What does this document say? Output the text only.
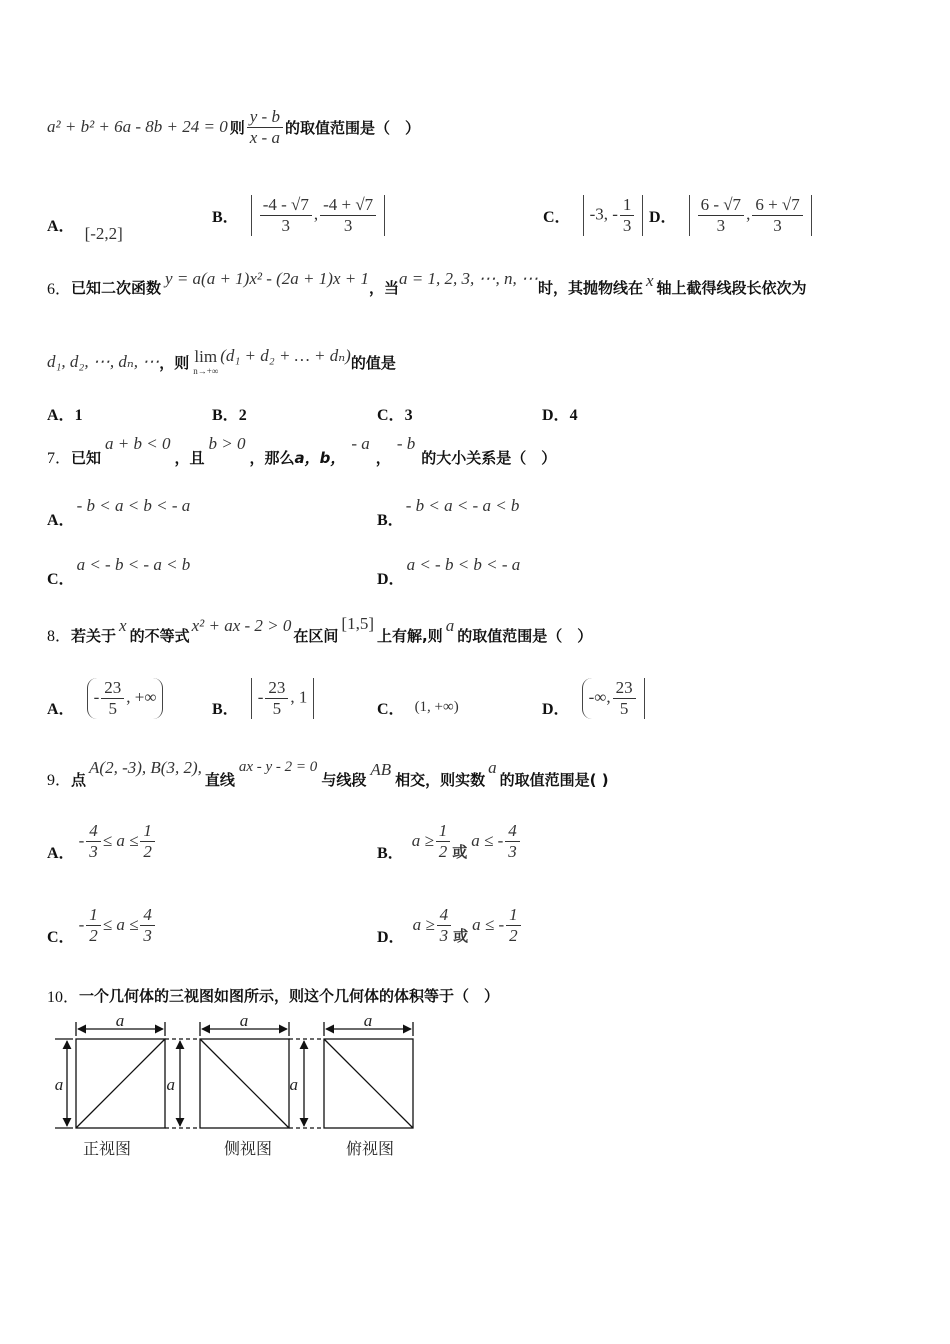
a² + b² + 6a - 8b + 24 = 0 则 $\frac{y - b}{x - a}$ 的取值范围是（　）
A． [-2,2]
B． $\frac{-4 - √7}{3}$ , $\frac{-4 + √7}{3}$	C．	-3, - $\frac{1}{3}$ D． $\frac{6 - √7}{3}$ , $\frac{6 + √7}{3}$
6． 已知二次函数 y = a(a + 1)x² - (2a + 1)x + 1 ，当 a = 1, 2, 3, ⋯, n, ⋯ 时，其抛物线在 x 轴上截得线段长依次为
d₁, d₂, ⋯, dₙ, ⋯ ，则 lim
n→+∞
(d₁ + d₂ + … + dₙ) 的值是
A．1	B．2	C．3	D．4
7． 已知
a + b < 0
，且
b > 0
，那么 a，b，
- a
，
- b
的大小关系是（　）
A．
- b < a < b < - a
B．
- b < a < - a < b
C．
a < - b < - a < b
D．
a < - b < b < - a
8． 若关于
x
的不等式
x² + ax - 2 > 0
在区间
[1,5]
上有解,则
a
的取值范围是（　）
A．
- $\frac{23}{5}$ , +∞
B．
- $\frac{23}{5}$ , 1
C． (1, +∞)	D．
-∞, $\frac{23}{5}$
9． 点
A(2, -3), B(3, 2),
直线
ax - y - 2 = 0
与线段
AB
相交，则实数
a
的取值范围是( )
A．
- $\frac{4}{3} \le a \le \frac{1}{2}$	B．
$a \ge \frac{1}{2}$ 或
a ≤ - $\frac{4}{3}$
C．
- $\frac{1}{2} \le a \le \frac{4}{3}$	D．
$a \ge \frac{4}{3}$ 或
a ≤ - $\frac{1}{2}$
10． 一个几何体的三视图如图所示，则这个几何体的体积等于（　）
a
a
a
a
a
a
正视图	侧视图	俯视图
